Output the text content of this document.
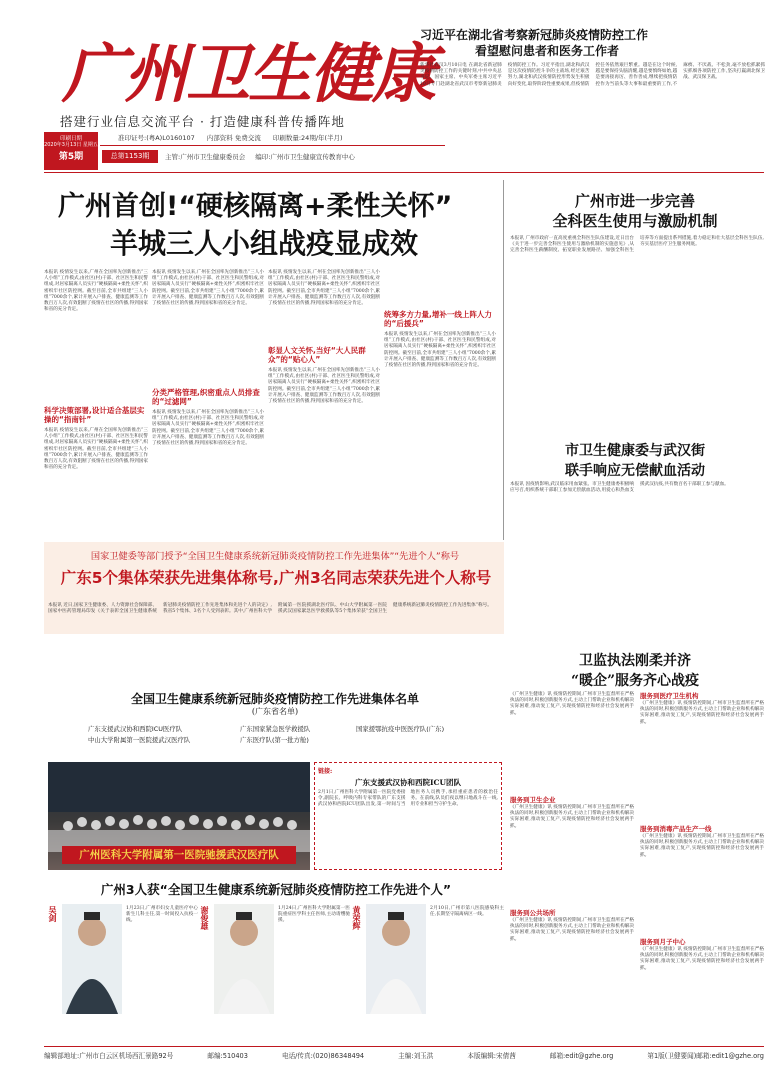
广州卫生健康
搭建行业信息交流平台 · 打造健康科普传播阵地
印刷日期
2020年3月13日 星期五
第5期
准印证号:(粤A)L0160107 内部资料 免费交流 印刷数量:24期/年(半月)
总第1153期	主管:广州市卫生健康委员会 编印:广州市卫生健康宣传教育中心
习近平在湖北省考察新冠肺炎疫情防控工作
看望慰问患者和医务工作者
新华社武汉3月10日电 在湖北省新冠肺炎疫情防控工作的关键时刻,中共中央总书记、国家主席、中央军委主席习近平10日专门赴湖北省武汉市考察新冠肺炎疫情防控工作。习近平指出,湖北和武汉是这次疫情防控斗争的主战场,经过艰苦努力,湖北和武汉疫情防控形势发生积极向好变化,取得阶段性重要成果,但疫情防控任务依然艰巨繁重。越是在这个时候,越是要保持头脑清醒,越是要慎终如始,越是要再接再厉、善作善成,继续把疫情防控作为当前头等大事和最重要的工作,不麻痹、不厌战、不松劲,毫不放松抓紧抓实抓细各项防控工作,坚决打赢湖北保卫战、武汉保卫战。
广州首创!“硬核隔离+柔性关怀”
羊城三人小组战疫显成效
本报讯 疫情发生以来,广州在全国率先创新推出“三人小组”工作模式,由社区(村)干部、社区医生和民警组成,对居家隔离人员实行“硬核隔离+柔性关怀”,织密织牢社区防控网。截至目前,全市共组建“三人小组”7000余个,累计开展入户排查、健康监测等工作数百万人次,有效阻断了疫情在社区的传播,得到国家和省的充分肯定。
科学决策部署,设计适合基层实操的“指南针”
本报讯 疫情发生以来,广州在全国率先创新推出“三人小组”工作模式,由社区(村)干部、社区医生和民警组成,对居家隔离人员实行“硬核隔离+柔性关怀”,织密织牢社区防控网。截至目前,全市共组建“三人小组”7000余个,累计开展入户排查、健康监测等工作数百万人次,有效阻断了疫情在社区的传播,得到国家和省的充分肯定。
本报讯 疫情发生以来,广州在全国率先创新推出“三人小组”工作模式,由社区(村)干部、社区医生和民警组成,对居家隔离人员实行“硬核隔离+柔性关怀”,织密织牢社区防控网。截至目前,全市共组建“三人小组”7000余个,累计开展入户排查、健康监测等工作数百万人次,有效阻断了疫情在社区的传播,得到国家和省的充分肯定。
分类严格管理,织密重点人员排查的“过滤网”
本报讯 疫情发生以来,广州在全国率先创新推出“三人小组”工作模式,由社区(村)干部、社区医生和民警组成,对居家隔离人员实行“硬核隔离+柔性关怀”,织密织牢社区防控网。截至目前,全市共组建“三人小组”7000余个,累计开展入户排查、健康监测等工作数百万人次,有效阻断了疫情在社区的传播,得到国家和省的充分肯定。
本报讯 疫情发生以来,广州在全国率先创新推出“三人小组”工作模式,由社区(村)干部、社区医生和民警组成,对居家隔离人员实行“硬核隔离+柔性关怀”,织密织牢社区防控网。截至目前,全市共组建“三人小组”7000余个,累计开展入户排查、健康监测等工作数百万人次,有效阻断了疫情在社区的传播,得到国家和省的充分肯定。
彰显人文关怀,当好“大人民群众”的“贴心人”
本报讯 疫情发生以来,广州在全国率先创新推出“三人小组”工作模式,由社区(村)干部、社区医生和民警组成,对居家隔离人员实行“硬核隔离+柔性关怀”,织密织牢社区防控网。截至目前,全市共组建“三人小组”7000余个,累计开展入户排查、健康监测等工作数百万人次,有效阻断了疫情在社区的传播,得到国家和省的充分肯定。
统筹多方力量,增补一线上阵人力的“后援兵”
本报讯 疫情发生以来,广州在全国率先创新推出“三人小组”工作模式,由社区(村)干部、社区医生和民警组成,对居家隔离人员实行“硬核隔离+柔性关怀”,织密织牢社区防控网。截至目前,全市共组建“三人小组”7000余个,累计开展入户排查、健康监测等工作数百万人次,有效阻断了疫情在社区的传播,得到国家和省的充分肯定。
广州市进一步完善
全科医生使用与激励机制
本报讯 广州市政府一直高度重视全科医生队伍建设,近日出台《关于进一步完善全科医生使用与激励机制的实施意见》,从完善全科医生薪酬制度、拓宽职业发展路径、加强全科医生培养等方面提出系列措施,着力稳定和壮大基层全科医生队伍,夯实基层医疗卫生服务网底。
市卫生健康委与武汉街
联手响应无偿献血活动
本报讯 因疫情影响,武汉临床用血紧张。市卫生健康委积极响应号召,组织系统干部职工参加无偿献血活动,用爱心和热血支援武汉抗疫,共有数百名干部职工参与献血。
国家卫健委等部门授予“全国卫生健康系统新冠肺炎疫情防控工作先进集体”“先进个人”称号
广东5个集体荣获先进集体称号,广州3名同志荣获先进个人称号
本报讯 近日,国家卫生健康委、人力资源社会保障部、国家中医药管理局印发《关于表彰全国卫生健康系统新冠肺炎疫情防控工作先进集体和先进个人的决定》,我省5个集体、3名个人受到表彰。其中,广州医科大学附属第一医院援湖北医疗队、中山大学附属第一医院援武汉国家紧急医学救援队等5个集体荣获“全国卫生健康系统新冠肺炎疫情防控工作先进集体”称号。
全国卫生健康系统新冠肺炎疫情防控工作先进集体名单
(广东省名单)
广东支援武汉协和西院ICU医疗队	广东国家紧急医学救援队	国家援鄂抗疫中医医疗队(广东)
中山大学附属第一医院援武汉医疗队	广东医疗队(第一批方舱)
广州医科大学附属第一医院驰援武汉医疗队
链接:
广东支援武汉协和西院ICU团队
2月1日,广州医科大学附属第一医院党委接令,副院长、呼吸内科专家带队的广东支援武汉协和西院ICU团队出发,第一时间与当地医务人员携手,承担重症患者的救治任务。在前线,队员们夜以继日地战斗在一线,用专业和担当守护生命。
广州3人获“全国卫生健康系统新冠肺炎疫情防控工作先进个人”
吴剑	1月23日,广州市妇女儿童医疗中心新生儿科主任,第一时间投入抗疫一线。	谢俊雄	1月24日,广州医科大学附属第一医院重症医学科主任医师,主动请缨驰援。	黄荣辉	2月10日,广州市第八医院感染科主任,长期坚守隔离病区一线。
卫监执法刚柔并济
“暖企”服务齐心战疫
《广州卫生健康》讯 疫情防控期间,广州市卫生监督所在严格执法的同时,积极创新服务方式,主动上门帮助企业和机构解决实际困难,推动复工复产,实现疫情防控和经济社会发展两手抓。
服务到卫生企业
《广州卫生健康》讯 疫情防控期间,广州市卫生监督所在严格执法的同时,积极创新服务方式,主动上门帮助企业和机构解决实际困难,推动复工复产,实现疫情防控和经济社会发展两手抓。
服务到公共场所
《广州卫生健康》讯 疫情防控期间,广州市卫生监督所在严格执法的同时,积极创新服务方式,主动上门帮助企业和机构解决实际困难,推动复工复产,实现疫情防控和经济社会发展两手抓。
服务到医疗卫生机构
《广州卫生健康》讯 疫情防控期间,广州市卫生监督所在严格执法的同时,积极创新服务方式,主动上门帮助企业和机构解决实际困难,推动复工复产,实现疫情防控和经济社会发展两手抓。
服务到消毒产品生产一线
《广州卫生健康》讯 疫情防控期间,广州市卫生监督所在严格执法的同时,积极创新服务方式,主动上门帮助企业和机构解决实际困难,推动复工复产,实现疫情防控和经济社会发展两手抓。
服务到月子中心
《广州卫生健康》讯 疫情防控期间,广州市卫生监督所在严格执法的同时,积极创新服务方式,主动上门帮助企业和机构解决实际困难,推动复工复产,实现疫情防控和经济社会发展两手抓。
编辑部地址:广州市白云区机场西汇景路92号	邮编:510403	电话/传真:(020)86348494	主编:刘玉洪	本版编辑:宋倩茜	邮箱:edit@gzhe.org	第1版(卫健要闻)邮箱:edit1@gzhe.org
